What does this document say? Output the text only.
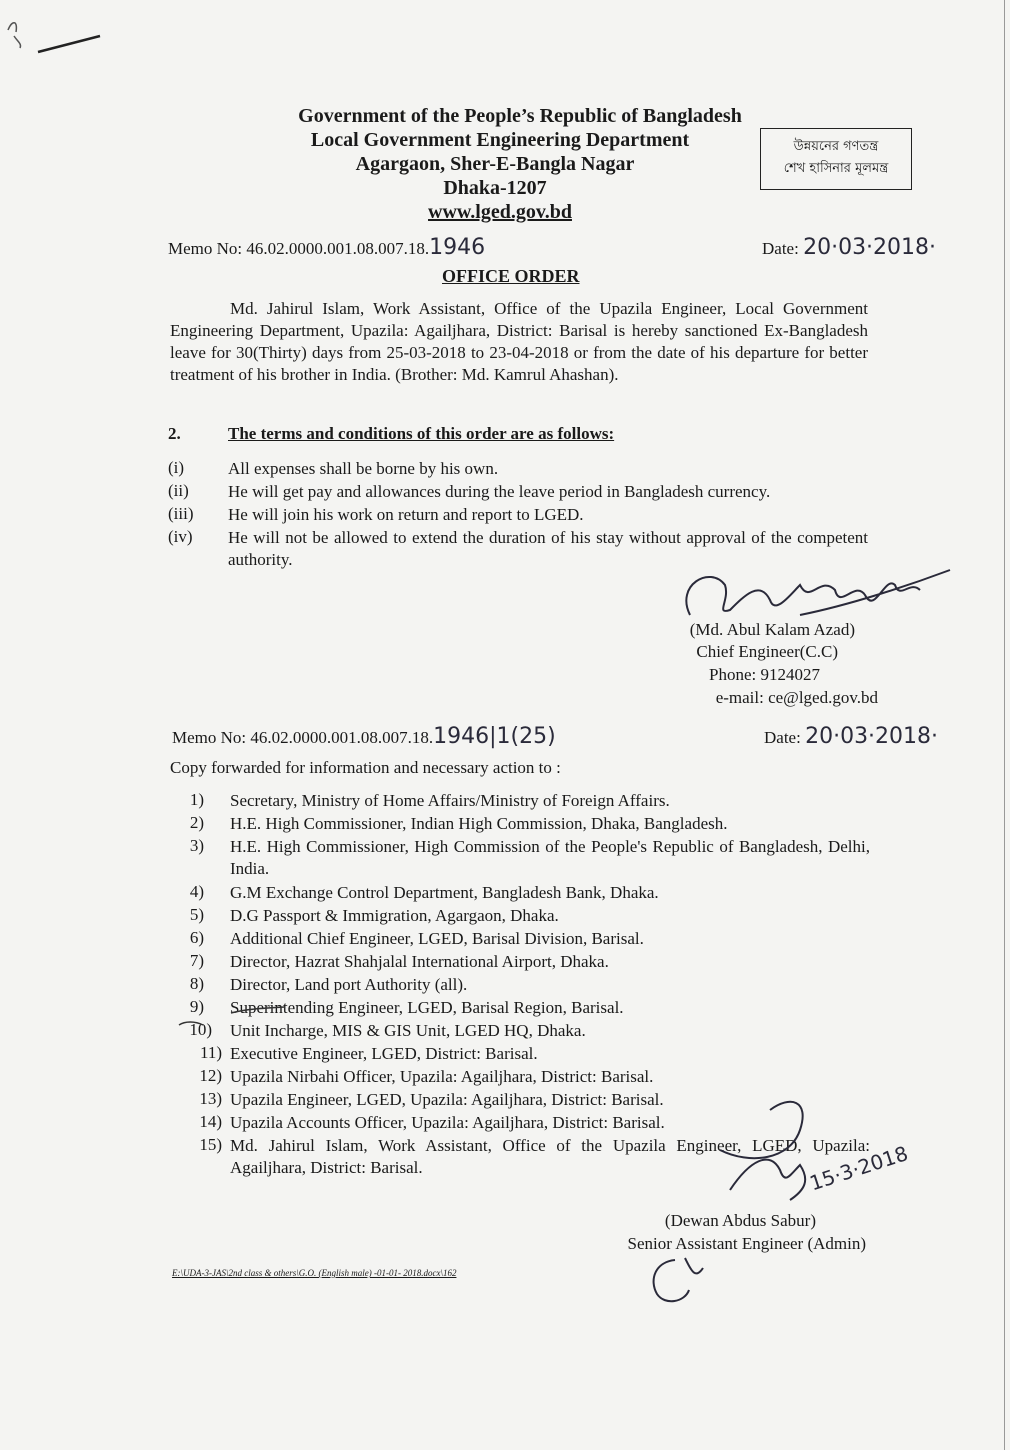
Government of the People’s Republic of Bangladesh
Local Government Engineering Department
Agargaon, Sher-E-Bangla Nagar
Dhaka-1207
www.lged.gov.bd
উন্নয়নের গণতন্ত্র
শেখ হাসিনার মূলমন্ত্র
Memo No: 46.02.0000.001.08.007.18.1946	Date: 20·03·2018·
OFFICE ORDER
Md. Jahirul Islam, Work Assistant, Office of the Upazila Engineer, Local Government Engineering Department, Upazila: Agailjhara, District: Barisal is hereby sanctioned Ex-Bangladesh leave for 30(Thirty) days from 25-03-2018 to 23-04-2018 or from the date of his departure for better treatment of his brother in India. (Brother: Md. Kamrul Ahashan).
2.	The terms and conditions of this order are as follows:
(i)	All expenses shall be borne by his own.
(ii) He will get pay and allowances during the leave period in Bangladesh currency.
(iii) He will join his work on return and report to LGED.
(iv) He will not be allowed to extend the duration of his stay without approval of the competent authority.
(Md. Abul Kalam Azad)
Chief Engineer(C.C)
Phone: 9124027
e-mail: ce@lged.gov.bd
Memo No: 46.02.0000.001.08.007.18.1946|1(25)	Date: 20·03·2018·
Copy forwarded for information and necessary action to :
1) Secretary, Ministry of Home Affairs/Ministry of Foreign Affairs.
2) H.E. High Commissioner, Indian High Commission, Dhaka, Bangladesh.
3) H.E. High Commissioner, High Commission of the People's Republic of Bangladesh, Delhi, India.
4) G.M Exchange Control Department, Bangladesh Bank, Dhaka.
5) D.G Passport & Immigration, Agargaon, Dhaka.
6) Additional Chief Engineer, LGED, Barisal Division, Barisal.
7) Director, Hazrat Shahjalal International Airport, Dhaka.
8) Director, Land port Authority (all).
9) Superintending Engineer, LGED, Barisal Region, Barisal.
10) Unit Incharge, MIS & GIS Unit, LGED HQ, Dhaka.
11) Executive Engineer, LGED, District: Barisal.
12) Upazila Nirbahi Officer, Upazila: Agailjhara, District: Barisal.
13) Upazila Engineer, LGED, Upazila: Agailjhara, District: Barisal.
14) Upazila Accounts Officer, Upazila: Agailjhara, District: Barisal.
15) Md. Jahirul Islam, Work Assistant, Office of the Upazila Engineer, LGED, Upazila: Agailjhara, District: Barisal.	15·3·2018
(Dewan Abdus Sabur)
Senior Assistant Engineer (Admin)
E:\UDA-3-JAS\2nd class & others\G.O. (English male) -01-01- 2018.docx\162
